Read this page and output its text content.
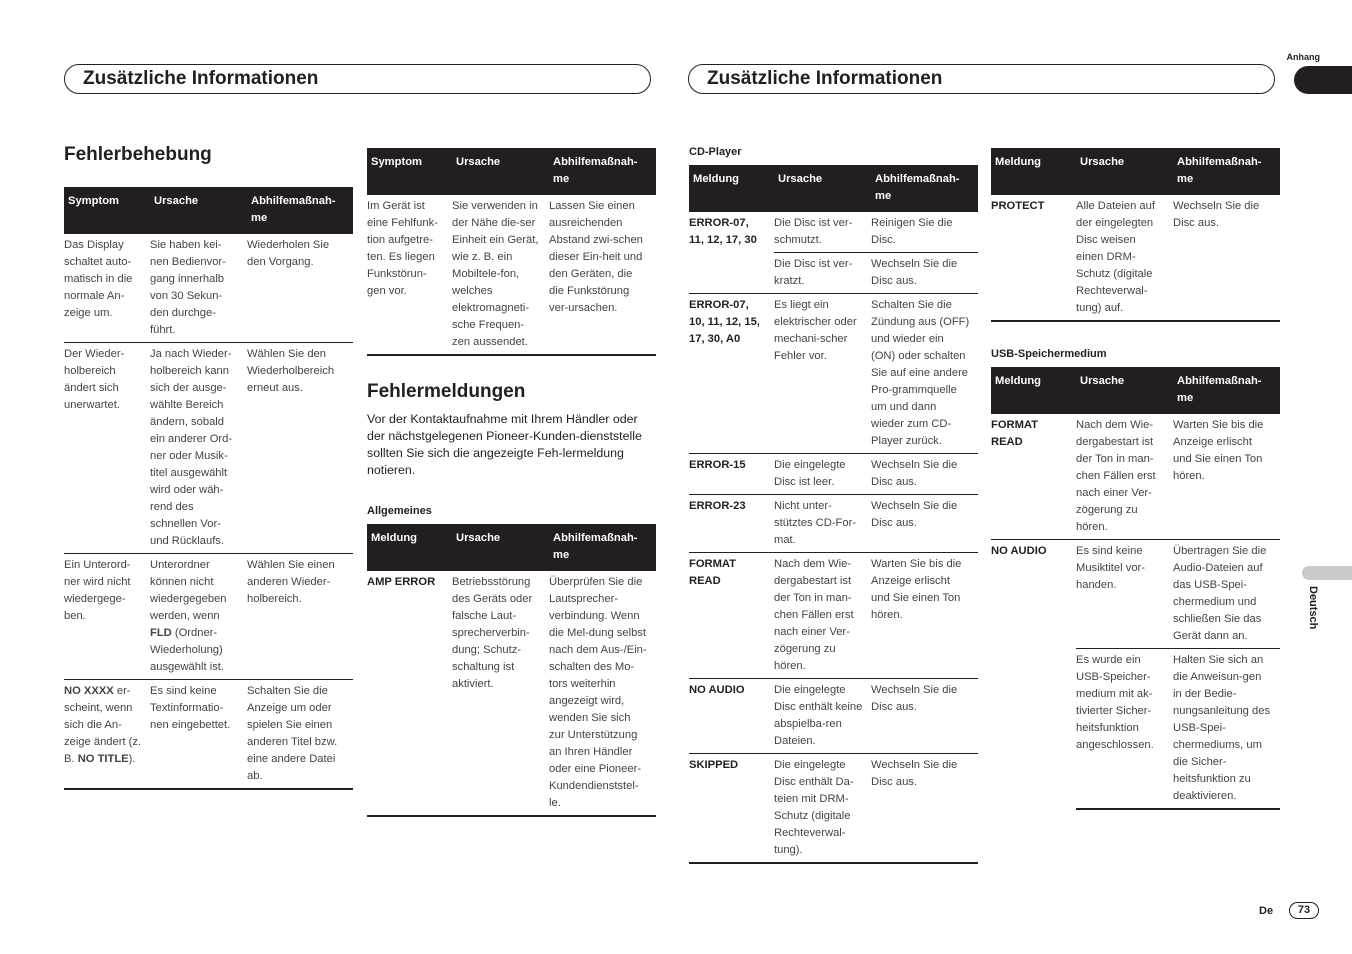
Zusätzliche Informationen	Zusätzliche Informationen
Anhang
Deutsch
Fehlerbehebung
Symptom	Ursache	Abhilfemaßnah-me
Das Display schaltet auto-matisch in die normale An-zeige um.	Sie haben kei-nen Bedienvor-gang innerhalb von 30 Sekun-den durchge-führt.	Wiederholen Sie den Vorgang.
Der Wieder-holbereich ändert sich unerwartet.	Ja nach Wieder-holbereich kann sich der ausge-wählte Bereich ändern, sobald ein anderer Ord-ner oder Musik-titel ausgewählt wird oder wäh-rend des schnellen Vor- und Rücklaufs.	Wählen Sie den Wiederholbereich erneut aus.
Ein Unterord-ner wird nicht wiedergege-ben.	Unterordner können nicht wiedergegeben werden, wenn FLD (Ordner-Wiederholung) ausgewählt ist.	Wählen Sie einen anderen Wieder-holbereich.
NO XXXX er-scheint, wenn sich die An-zeige ändert (z. B. NO TITLE).	Es sind keine Textinformatio-nen eingebettet.	Schalten Sie die Anzeige um oder spielen Sie einen anderen Titel bzw. eine andere Datei ab.
Symptom	Ursache	Abhilfemaßnah-me
Im Gerät ist eine Fehlfunk-tion aufgetre-ten. Es liegen Funkstörun-gen vor.	Sie verwenden in der Nähe die-ser Einheit ein Gerät, wie z. B. ein Mobiltele-fon, welches elektromagneti-sche Frequen-zen aussendet.	Lassen Sie einen ausreichenden Abstand zwi-schen dieser Ein-heit und den Geräten, die die Funkstörung ver-ursachen.
Fehlermeldungen

Vor der Kontaktaufnahme mit Ihrem Händler oder der nächstgelegenen Pioneer-Kunden-dienststelle sollten Sie sich die angezeigte Feh-lermeldung notieren.

Allgemeines
Meldung	Ursache	Abhilfemaßnah-me
AMP ERROR	Betriebsstörung des Geräts oder falsche Laut-sprecherverbin-dung; Schutz-schaltung ist aktiviert.	Überprüfen Sie die Lautsprecher-verbindung. Wenn die Mel-dung selbst nach dem Aus-/Ein-schalten des Mo-tors weiterhin angezeigt wird, wenden Sie sich zur Unterstützung an Ihren Händler oder eine Pioneer-Kundendienststel-le.
CD-Player
Meldung	Ursache	Abhilfemaßnah-me
ERROR-07, 11, 12, 17, 30	Die Disc ist ver-schmutzt.	Reinigen Sie die Disc.
	Die Disc ist ver-kratzt.	Wechseln Sie die Disc aus.
ERROR-07, 10, 11, 12, 15, 17, 30, A0	Es liegt ein elektrischer oder mechani-scher Fehler vor.	Schalten Sie die Zündung aus (OFF) und wieder ein (ON) oder schalten Sie auf eine andere Pro-grammquelle um und dann wieder zum CD-Player zurück.
ERROR-15	Die eingelegte Disc ist leer.	Wechseln Sie die Disc aus.
ERROR-23	Nicht unter-stütztes CD-For-mat.	Wechseln Sie die Disc aus.
FORMAT READ	Nach dem Wie-dergabestart ist der Ton in man-chen Fällen erst nach einer Ver-zögerung zu hören.	Warten Sie bis die Anzeige erlischt und Sie einen Ton hören.
NO AUDIO	Die eingelegte Disc enthält keine abspielba-ren Dateien.	Wechseln Sie die Disc aus.
SKIPPED	Die eingelegte Disc enthält Da-teien mit DRM-Schutz (digitale Rechteverwal-tung).	Wechseln Sie die Disc aus.
Meldung	Ursache	Abhilfemaßnah-me
PROTECT	Alle Dateien auf der eingelegten Disc weisen einen DRM-Schutz (digitale Rechteverwal-tung) auf.	Wechseln Sie die Disc aus.
USB-Speichermedium
Meldung	Ursache	Abhilfemaßnah-me
FORMAT READ	Nach dem Wie-dergabestart ist der Ton in man-chen Fällen erst nach einer Ver-zögerung zu hören.	Warten Sie bis die Anzeige erlischt und Sie einen Ton hören.
NO AUDIO	Es sind keine Musiktitel vor-handen.	Übertragen Sie die Audio-Dateien auf das USB-Spei-chermedium und schließen Sie das Gerät dann an.
	Es wurde ein USB-Speicher-medium mit ak-tivierter Sicher-heitsfunktion angeschlossen.	Halten Sie sich an die Anweisun-gen in der Bedie-nungsanleitung des USB-Spei-chermediums, um die Sicher-heitsfunktion zu deaktivieren.
De	73
